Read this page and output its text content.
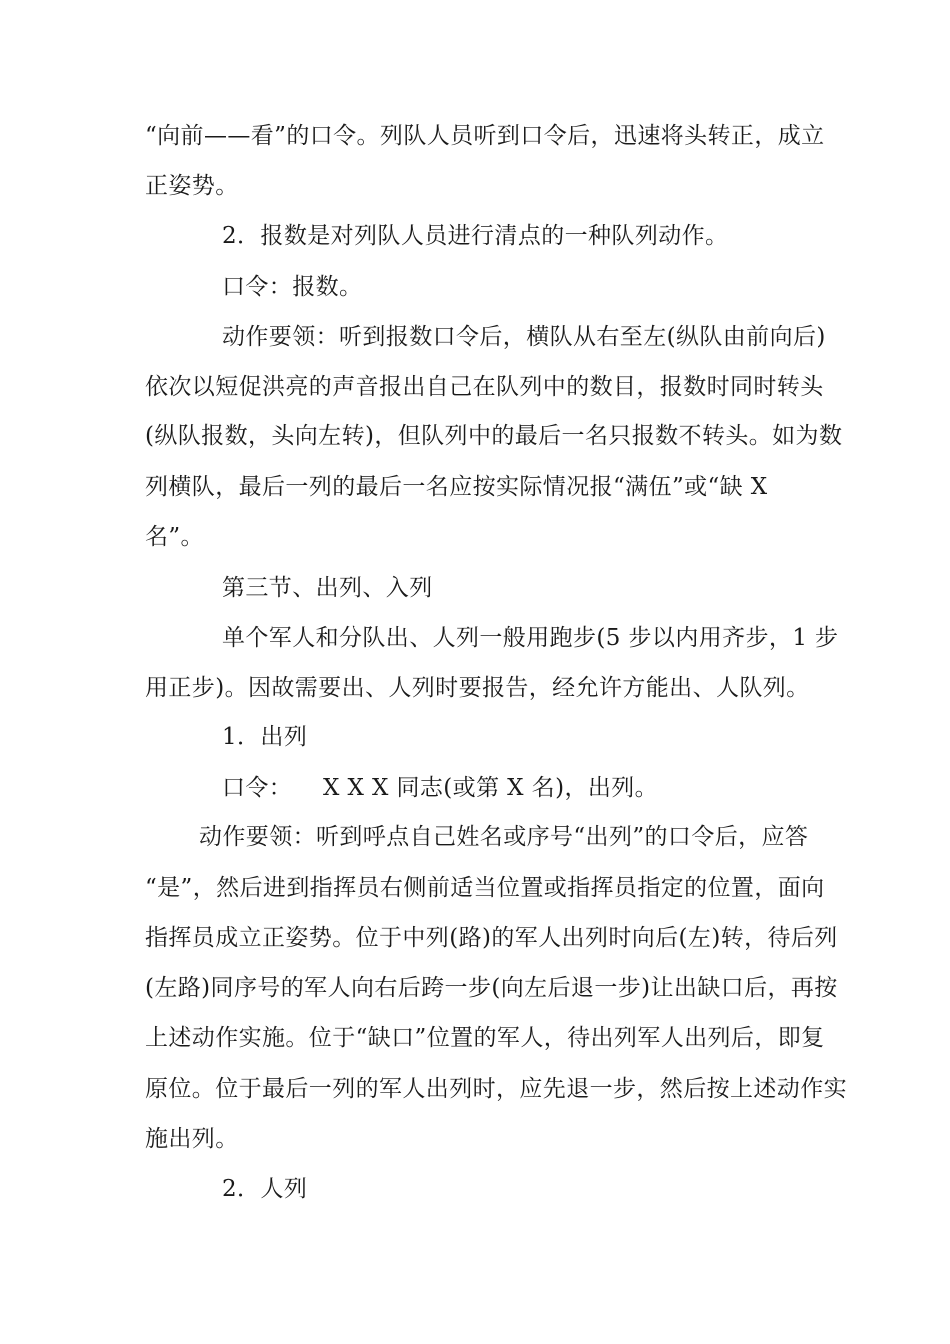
“向前——看”的口令。列队人员听到口令后，迅速将头转正，成立
正姿势。
2．报数是对列队人员进行清点的一种队列动作。
口令：报数。
动作要领：听到报数口令后，横队从右至左(纵队由前向后)
依次以短促洪亮的声音报出自己在队列中的数目，报数时同时转头
(纵队报数，头向左转)，但队列中的最后一名只报数不转头。如为数
列横队，最后一列的最后一名应按实际情况报“满伍”或“缺 X
名”。
第三节、出列、入列
单个军人和分队出、人列一般用跑步(5 步以内用齐步，1 步
用正步)。因故需要出、人列时要报告，经允许方能出、人队列。
1．出列
口令：    X X X 同志(或第 X 名)，出列。
动作要领：听到呼点自己姓名或序号“出列”的口令后，应答
“是”，然后进到指挥员右侧前适当位置或指挥员指定的位置，面向
指挥员成立正姿势。位于中列(路)的军人出列时向后(左)转，待后列
(左路)同序号的军人向右后跨一步(向左后退一步)让出缺口后，再按
上述动作实施。位于“缺口”位置的军人，待出列军人出列后，即复
原位。位于最后一列的军人出列时，应先退一步，然后按上述动作实
施出列。
2．人列
